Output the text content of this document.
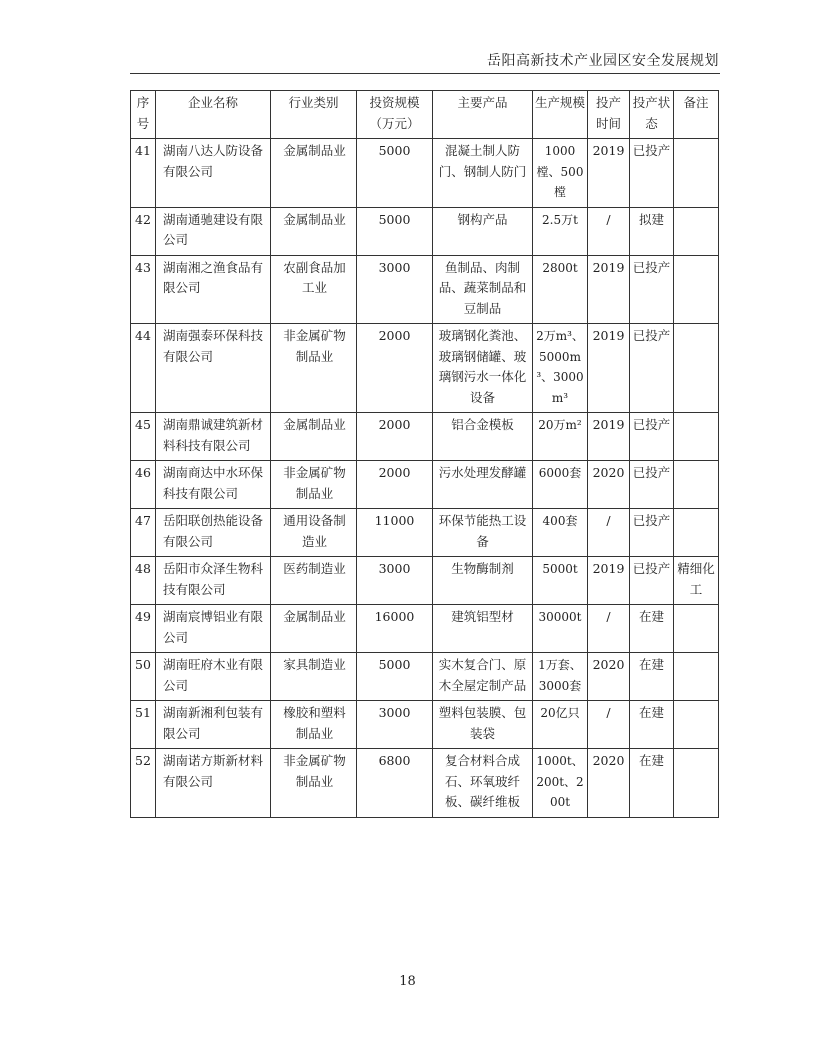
岳阳高新技术产业园区安全发展规划
序号	企业名称	行业类别	投资规模（万元）	主要产品	生产规模	投产时间	投产状态	备注
41	湖南八达人防设备有限公司	金属制品业	5000	混凝土制人防门、钢制人防门	1000樘、500樘	2019	已投产	
42	湖南通驰建设有限公司	金属制品业	5000	钢构产品	2.5万t	/	拟建	
43	湖南湘之渔食品有限公司	农副食品加工业	3000	鱼制品、肉制品、蔬菜制品和豆制品	2800t	2019	已投产	
44	湖南强泰环保科技有限公司	非金属矿物制品业	2000	玻璃钢化粪池、玻璃钢储罐、玻璃钢污水一体化设备	2万m³、5000m³、3000m³	2019	已投产	
45	湖南鼎诚建筑新材料科技有限公司	金属制品业	2000	铝合金模板	20万m²	2019	已投产	
46	湖南商达中水环保科技有限公司	非金属矿物制品业	2000	污水处理发酵罐	6000套	2020	已投产	
47	岳阳联创热能设备有限公司	通用设备制造业	11000	环保节能热工设备	400套	/	已投产	
48	岳阳市众泽生物科技有限公司	医药制造业	3000	生物酶制剂	5000t	2019	已投产	精细化工
49	湖南宸博铝业有限公司	金属制品业	16000	建筑铝型材	30000t	/	在建	
50	湖南旺府木业有限公司	家具制造业	5000	实木复合门、原木全屋定制产品	1万套、3000套	2020	在建	
51	湖南新湘利包装有限公司	橡胶和塑料制品业	3000	塑料包装膜、包装袋	20亿只	/	在建	
52	湖南诺方斯新材料有限公司	非金属矿物制品业	6800	复合材料合成石、环氧玻纤板、碳纤维板	1000t、200t、200t	2020	在建	
18
